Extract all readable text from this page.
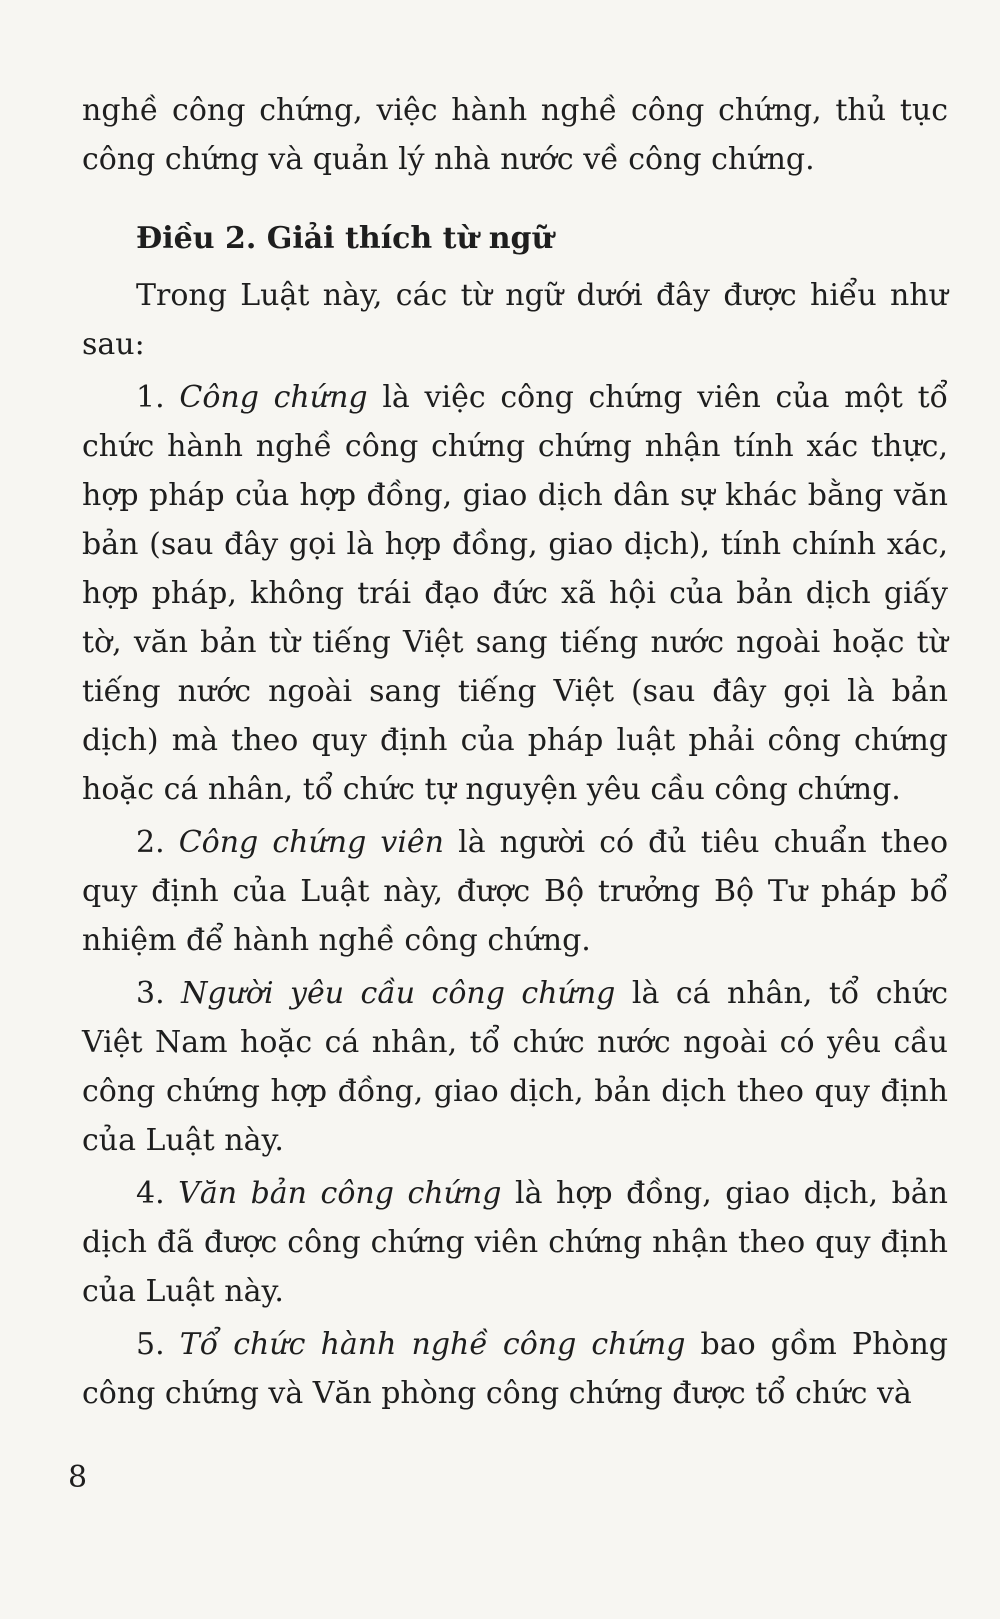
nghề công chứng, việc hành nghề công chứng, thủ tục công chứng và quản lý nhà nước về công chứng.

Điều 2. Giải thích từ ngữ

Trong Luật này, các từ ngữ dưới đây được hiểu như sau:

1. Công chứng là việc công chứng viên của một tổ chức hành nghề công chứng chứng nhận tính xác thực, hợp pháp của hợp đồng, giao dịch dân sự khác bằng văn bản (sau đây gọi là hợp đồng, giao dịch), tính chính xác, hợp pháp, không trái đạo đức xã hội của bản dịch giấy tờ, văn bản từ tiếng Việt sang tiếng nước ngoài hoặc từ tiếng nước ngoài sang tiếng Việt (sau đây gọi là bản dịch) mà theo quy định của pháp luật phải công chứng hoặc cá nhân, tổ chức tự nguyện yêu cầu công chứng.

2. Công chứng viên là người có đủ tiêu chuẩn theo quy định của Luật này, được Bộ trưởng Bộ Tư pháp bổ nhiệm để hành nghề công chứng.

3. Người yêu cầu công chứng là cá nhân, tổ chức Việt Nam hoặc cá nhân, tổ chức nước ngoài có yêu cầu công chứng hợp đồng, giao dịch, bản dịch theo quy định của Luật này.

4. Văn bản công chứng là hợp đồng, giao dịch, bản dịch đã được công chứng viên chứng nhận theo quy định của Luật này.

5. Tổ chức hành nghề công chứng bao gồm Phòng công chứng và Văn phòng công chứng được tổ chức và

8
